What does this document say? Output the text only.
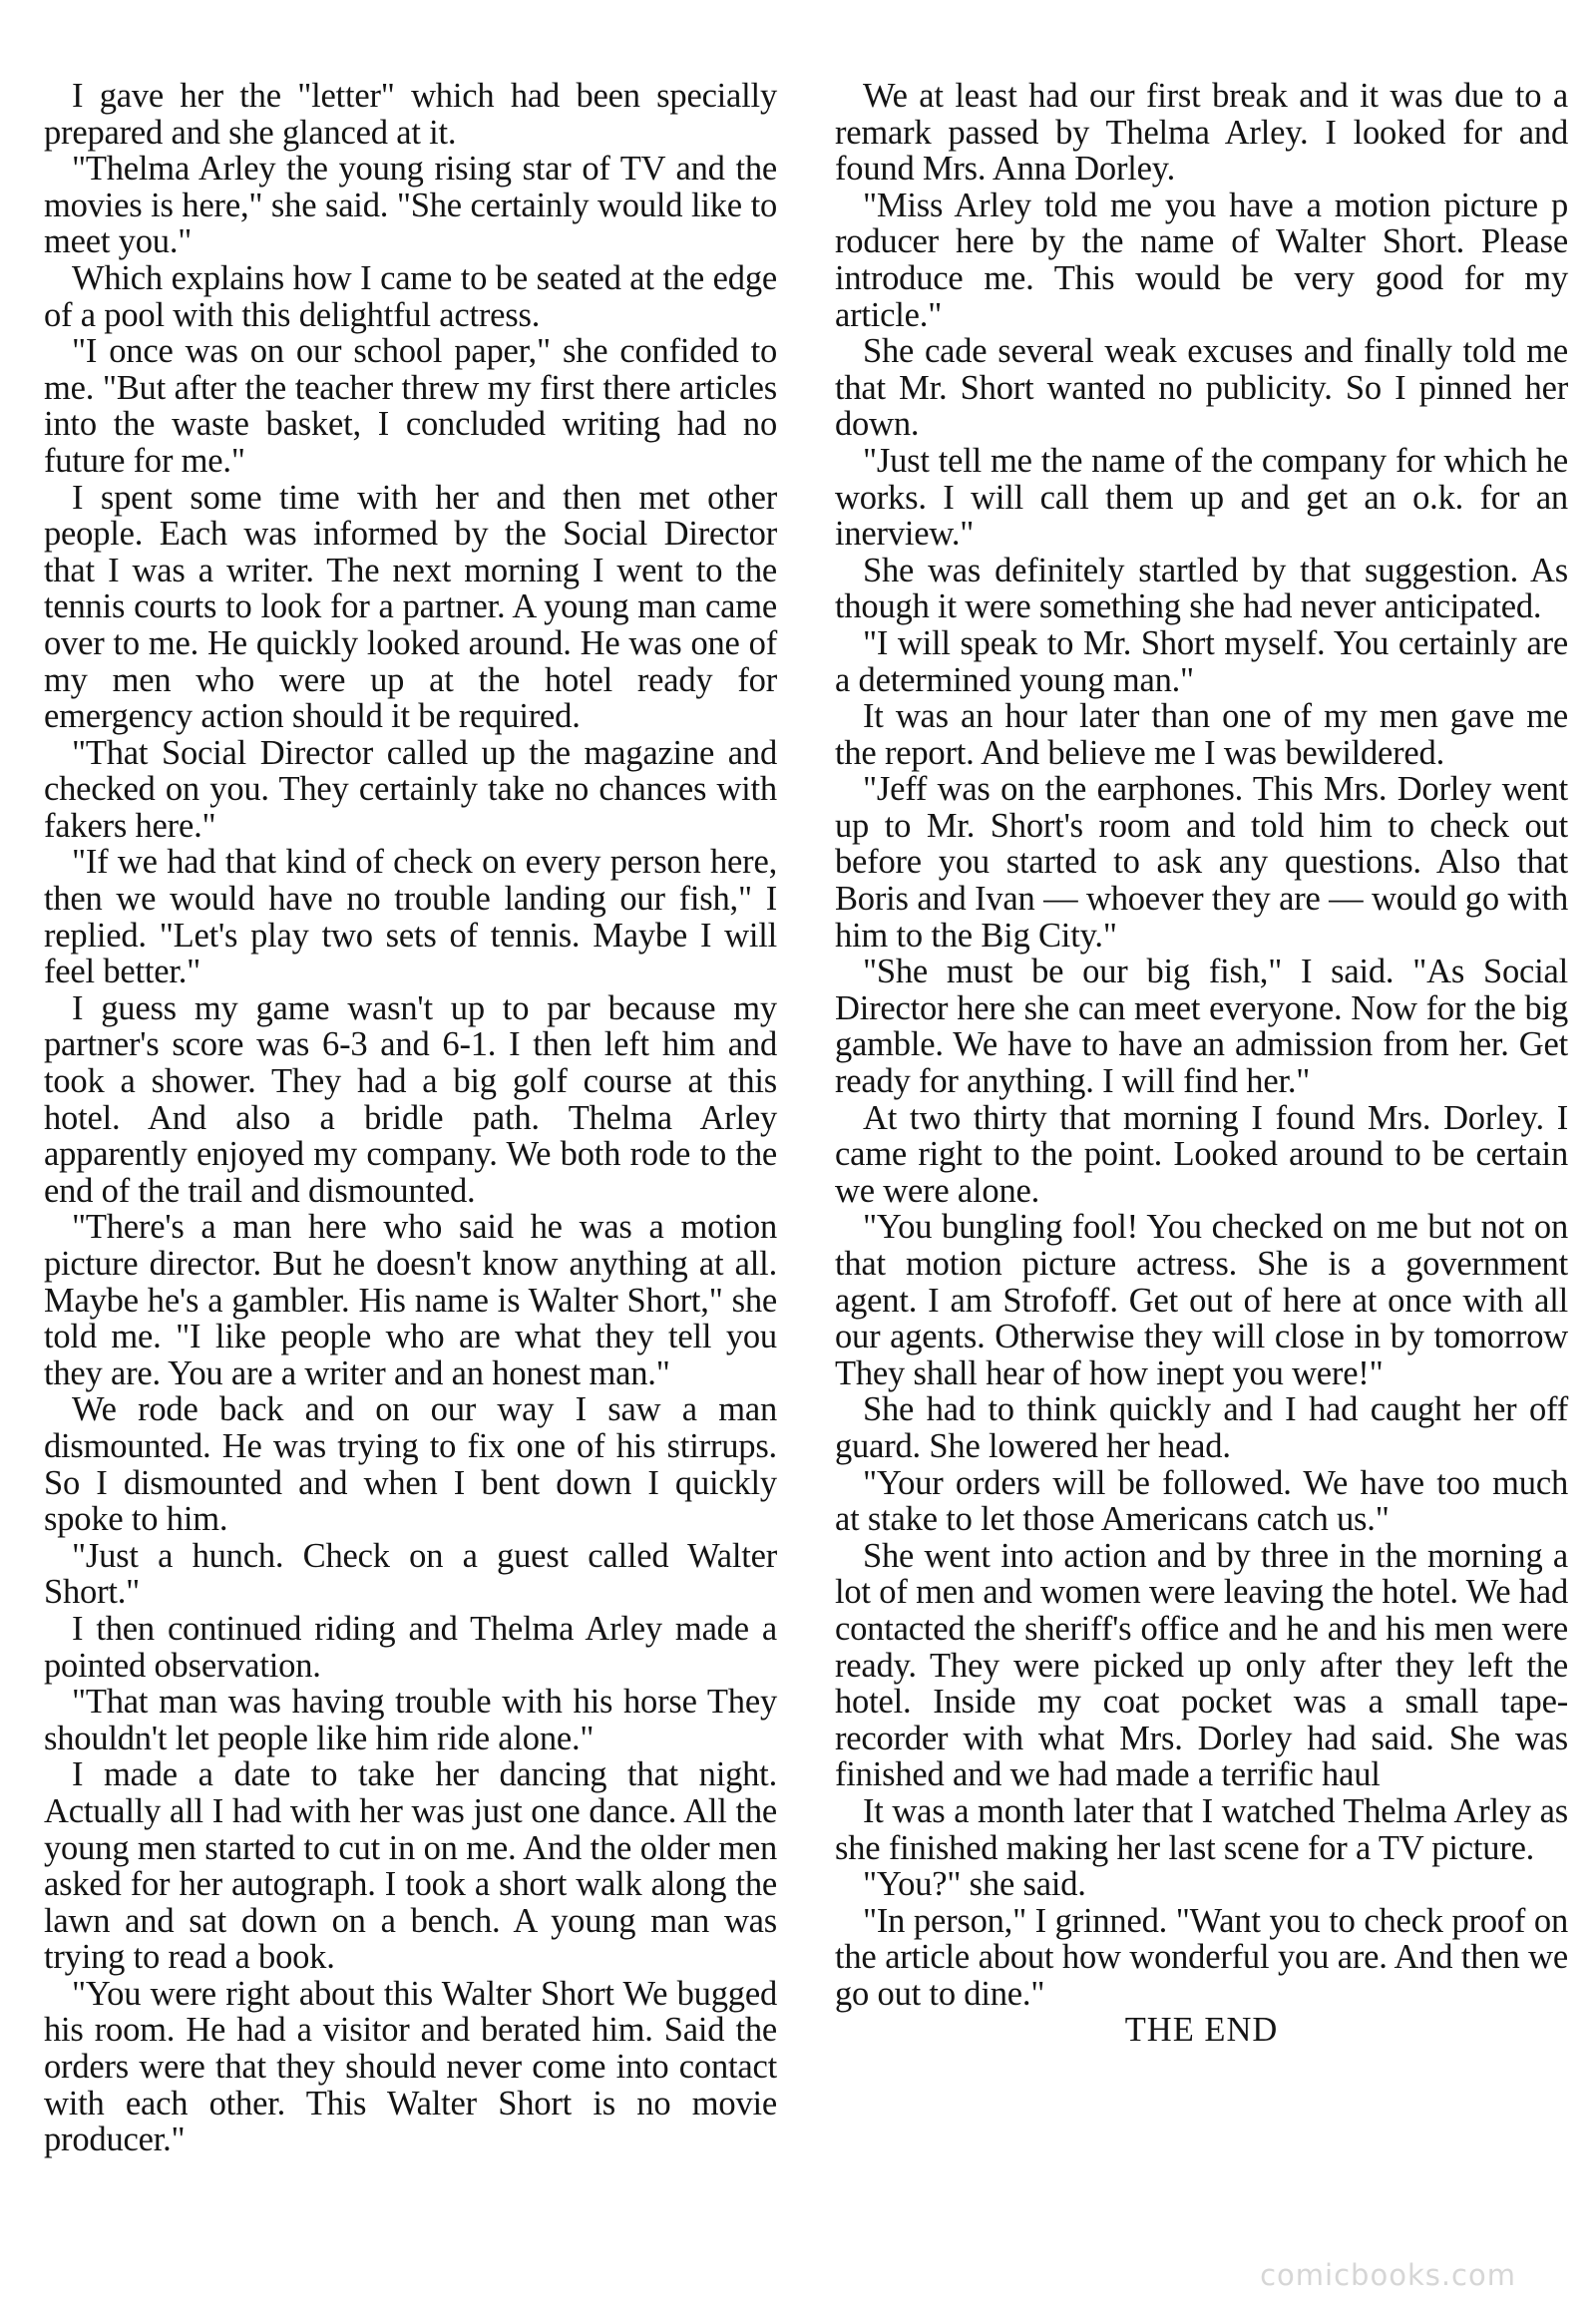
I gave her the "letter" which had been specially prepared and she glanced at it.

"Thelma Arley the young rising star of TV and the movies is here," she said. "She certainly would like to meet you."

Which explains how I came to be seated at the edge of a pool with this delightful actress.

"I once was on our school paper," she confided to me. "But after the teacher threw my first there articles into the waste basket, I concluded writing had no future for me."

I spent some time with her and then met other people. Each was informed by the Social Director that I was a writer. The next morning I went to the tennis courts to look for a partner. A young man came over to me. He quickly looked around. He was one of my men who were up at the hotel ready for emergency action should it be required.

"That Social Director called up the magazine and checked on you. They certainly take no chances with fakers here."

"If we had that kind of check on every person here, then we would have no trouble landing our fish," I replied. "Let's play two sets of tennis. Maybe I will feel better."

I guess my game wasn't up to par because my partner's score was 6-3 and 6-1. I then left him and took a shower. They had a big golf course at this hotel. And also a bridle path. Thelma Arley apparently enjoyed my company. We both rode to the end of the trail and dismounted.

"There's a man here who said he was a motion picture director. But he doesn't know anything at all. Maybe he's a gambler. His name is Walter Short," she told me. "I like people who are what they tell you they are. You are a writer and an honest man."

We rode back and on our way I saw a man dismounted. He was trying to fix one of his stirrups. So I dismounted and when I bent down I quickly spoke to him.

"Just a hunch. Check on a guest called Walter Short."

I then continued riding and Thelma Arley made a pointed observation.

"That man was having trouble with his horse They shouldn't let people like him ride alone."

I made a date to take her dancing that night. Actually all I had with her was just one dance. All the young men started to cut in on me. And the older men asked for her autograph. I took a short walk along the lawn and sat down on a bench. A young man was trying to read a book.

"You were right about this Walter Short We bugged his room. He had a visitor and berated him. Said the orders were that they should never come into contact with each other. This Walter Short is no movie producer."

We at least had our first break and it was due to a remark passed by Thelma Arley. I looked for and found Mrs. Anna Dorley.

"Miss Arley told me you have a motion picture p roducer here by the name of Walter Short. Please introduce me. This would be very good for my article."

She cade several weak excuses and finally told me that Mr. Short wanted no publicity. So I pinned her down.

"Just tell me the name of the company for which he works. I will call them up and get an o.k. for an inerview."

She was definitely startled by that suggestion. As though it were something she had never anticipated.

"I will speak to Mr. Short myself. You certainly are a determined young man."

It was an hour later than one of my men gave me the report. And believe me I was bewildered.

"Jeff was on the earphones. This Mrs. Dorley went up to Mr. Short's room and told him to check out before you started to ask any questions. Also that Boris and Ivan — whoever they are — would go with him to the Big City."

"She must be our big fish," I said. "As Social Director here she can meet everyone. Now for the big gamble. We have to have an admission from her. Get ready for anything. I will find her."

At two thirty that morning I found Mrs. Dorley. I came right to the point. Looked around to be certain we were alone.

"You bungling fool! You checked on me but not on that motion picture actress. She is a government agent. I am Strofoff. Get out of here at once with all our agents. Otherwise they will close in by tomorrow They shall hear of how inept you were!"

She had to think quickly and I had caught her off guard. She lowered her head.

"Your orders will be followed. We have too much at stake to let those Americans catch us."

She went into action and by three in the morning a lot of men and women were leaving the hotel. We had contacted the sheriff's office and he and his men were ready. They were picked up only after they left the hotel. Inside my coat pocket was a small tape-recorder with what Mrs. Dorley had said. She was finished and we had made a terrific haul

It was a month later that I watched Thelma Arley as she finished making her last scene for a TV picture.

"You?" she said.

"In person," I grinned. "Want you to check proof on the article about how wonderful you are. And then we go out to dine."

THE END

comicbooks.com
